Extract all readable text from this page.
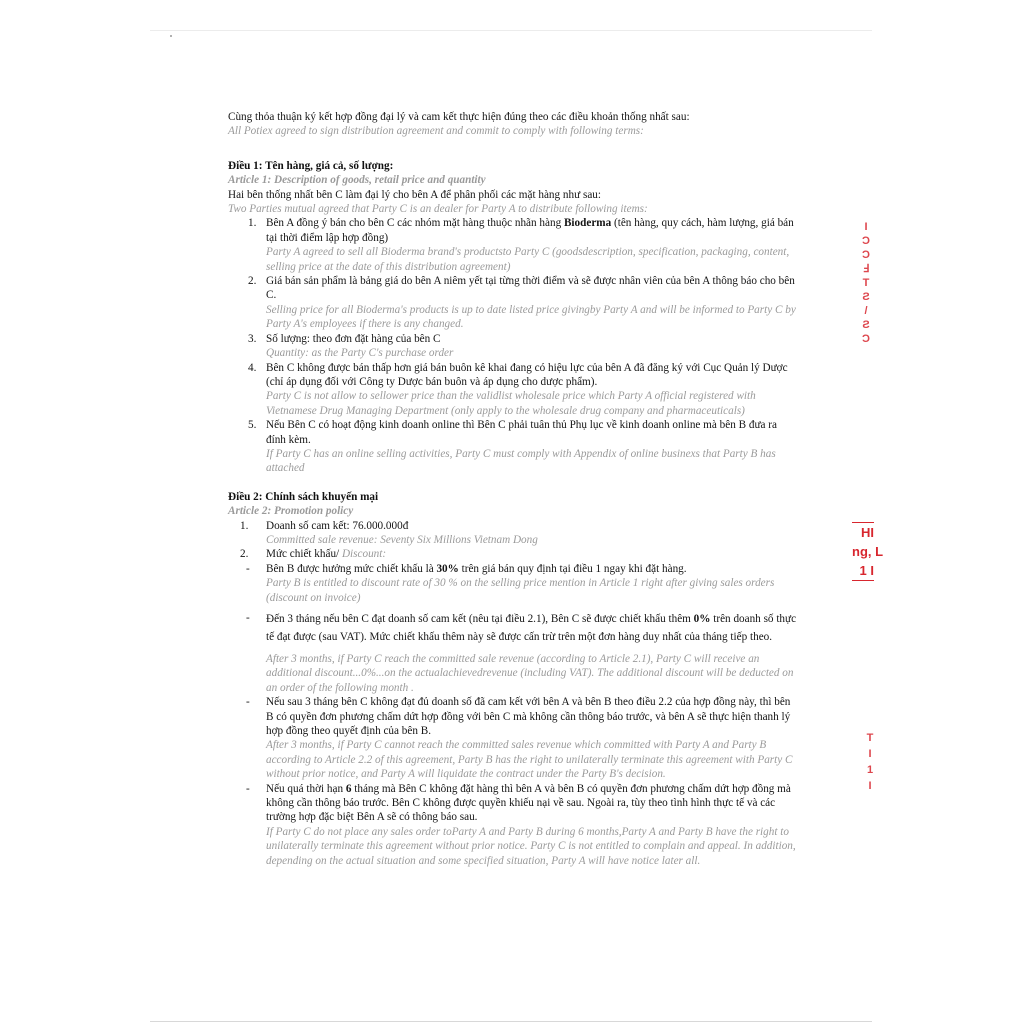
Cùng thỏa thuận ký kết hợp đồng đại lý và cam kết thực hiện đúng theo các điều khoản thống nhất sau:
All Potiex agreed to sign distribution agreement and commit to comply with following terms:
Điều 1: Tên hàng, giá cả, số lượng:
Article 1: Description of goods, retail price and quantity
Hai bên thống nhất bên C làm đại lý cho bên A để phân phối các mặt hàng như sau:
Two Parties mutual agreed that Party C is an dealer for Party A to distribute following items:
1. Bên A đồng ý bán cho bên C các nhóm mặt hàng thuộc nhãn hàng Bioderma (tên hàng, quy cách, hàm lượng, giá bán tại thời điểm lập hợp đồng)
Party A agreed to sell all Bioderma brand's productsto Party C (goodsdescription, specification, packaging, content, selling price at the date of this distribution agreement)
2. Giá bán sản phẩm là bảng giá do bên A niêm yết tại từng thời điểm và sẽ được nhân viên của bên A thông báo cho bên C.
Selling price for all Bioderma's products is up to date listed price givingby Party A and will be informed to Party C by Party A's employees if there is any changed.
3. Số lượng: theo đơn đặt hàng của bên C
Quantity: as the Party C's purchase order
4. Bên C không được bán thấp hơn giá bán buôn kê khai đang có hiệu lực của bên A đã đăng ký với Cục Quản lý Dược (chỉ áp dụng đối với Công ty Dược bán buôn và áp dụng cho dược phẩm).
Party C is not allow to sellower price than the validlist wholesale price which Party A official registered with Vietnamese Drug Managing Department (only apply to the wholesale drug company and pharmaceuticals)
5. Nếu Bên C có hoạt động kinh doanh online thì Bên C phải tuân thủ Phụ lục về kinh doanh online mà bên B đưa ra đính kèm.
If Party C has an online selling activities, Party C must comply with Appendix of online businexs that Party B has attached
Điều 2: Chính sách khuyến mại
Article 2: Promotion policy
1. Doanh số cam kết: 76.000.000đ
Committed sale revenue: Seventy Six Millions Vietnam Dong
2. Mức chiết khấu/ Discount:
- Bên B được hưởng mức chiết khấu là 30% trên giá bán quy định tại điều 1 ngay khi đặt hàng.
Party B is entitled to discount rate of 30 % on the selling price mention in Article 1 right after giving sales orders (discount on invoice)
- Đến 3 tháng nếu bên C đạt doanh số cam kết (nêu tại điều 2.1), Bên C sẽ được chiết khấu thêm 0% trên doanh số thực tế đạt được (sau VAT). Mức chiết khấu thêm này sẽ được cấn trừ trên một đơn hàng duy nhất của tháng tiếp theo.
After 3 months, if Party C reach the committed sale revenue (according to Article 2.1), Party C will receive an additional discount...0%...on the actualachievedrevenue (including VAT). The additional discount will be deducted on an order of the following month .
- Nếu sau 3 tháng bên C không đạt đủ doanh số đã cam kết với bên A và bên B theo điều 2.2 của hợp đồng này, thì bên B có quyền đơn phương chấm dứt hợp đồng với bên C mà không cần thông báo trước, và bên A sẽ thực hiện thanh lý hợp đồng theo quyết định của bên B.
After 3 months, if Party C cannot reach the committed sales revenue which committed with Party A and Party B according to Article 2.2 of this agreement, Party B has the right to unilaterally terminate this agreement with Party C without prior notice, and Party A will liquidate the contract under the Party B's decision.
- Nếu quá thời hạn 6 tháng mà Bên C không đặt hàng thì bên A và bên B có quyền đơn phương chấm dứt hợp đồng mà không cần thông báo trước. Bên C không được quyền khiếu nại về sau. Ngoài ra, tùy theo tình hình thực tế và các trường hợp đặc biệt Bên A sẽ có thông báo sau.
If Party C do not place any sales order toParty A and Party B during 6 months,Party A and Party B have the right to unilaterally terminate this agreement without prior notice. Party C is not entitled to complain and appeal. In addition, depending on the actual situation and some specified situation, Party A will have notice later all.
I
Ɔ
Ɔ
Ⅎ
T
Ƨ
/
Ƨ
Ɔ
HI
ng, L
1 I
T
I
1
I
